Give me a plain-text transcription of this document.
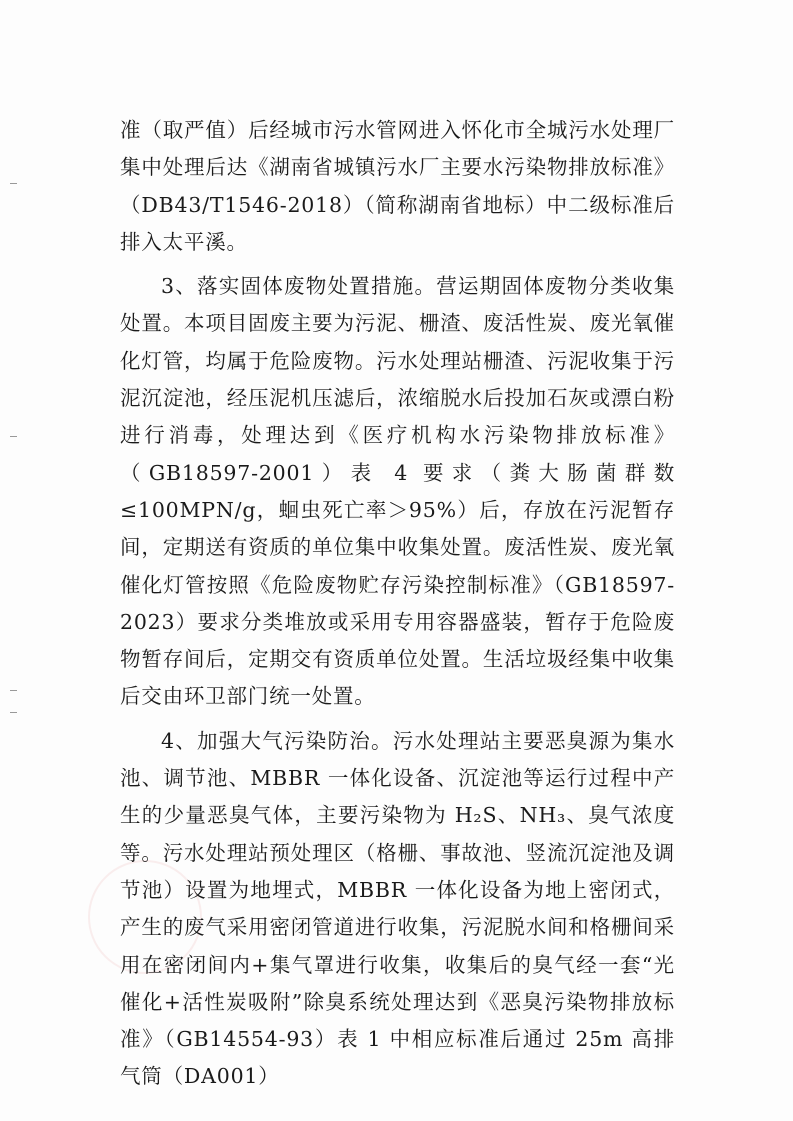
准（取严值）后经城市污水管网进入怀化市全城污水处理厂集中处理后达《湖南省城镇污水厂主要水污染物排放标准》（DB43/T1546-2018）（简称湖南省地标）中二级标准后排入太平溪。

3、落实固体废物处置措施。营运期固体废物分类收集处置。本项目固废主要为污泥、栅渣、废活性炭、废光氧催化灯管，均属于危险废物。污水处理站栅渣、污泥收集于污泥沉淀池，经压泥机压滤后，浓缩脱水后投加石灰或漂白粉进行消毒，处理达到《医疗机构水污染物排放标准》（GB18597-2001）表 4 要求（粪大肠菌群数≤100MPN/g，蛔虫死亡率＞95%）后，存放在污泥暂存间，定期送有资质的单位集中收集处置。废活性炭、废光氧催化灯管按照《危险废物贮存污染控制标准》（GB18597-2023）要求分类堆放或采用专用容器盛装，暂存于危险废物暂存间后，定期交有资质单位处置。生活垃圾经集中收集后交由环卫部门统一处置。

4、加强大气污染防治。污水处理站主要恶臭源为集水池、调节池、MBBR 一体化设备、沉淀池等运行过程中产生的少量恶臭气体，主要污染物为 H₂S、NH₃、臭气浓度等。污水处理站预处理区（格栅、事故池、竖流沉淀池及调节池）设置为地埋式，MBBR 一体化设备为地上密闭式，产生的废气采用密闭管道进行收集，污泥脱水间和格栅间采用在密闭间内+集气罩进行收集，收集后的臭气经一套“光催化+活性炭吸附”除臭系统处理达到《恶臭污染物排放标准》（GB14554-93）表 1 中相应标准后通过 25m 高排气筒（DA001）
